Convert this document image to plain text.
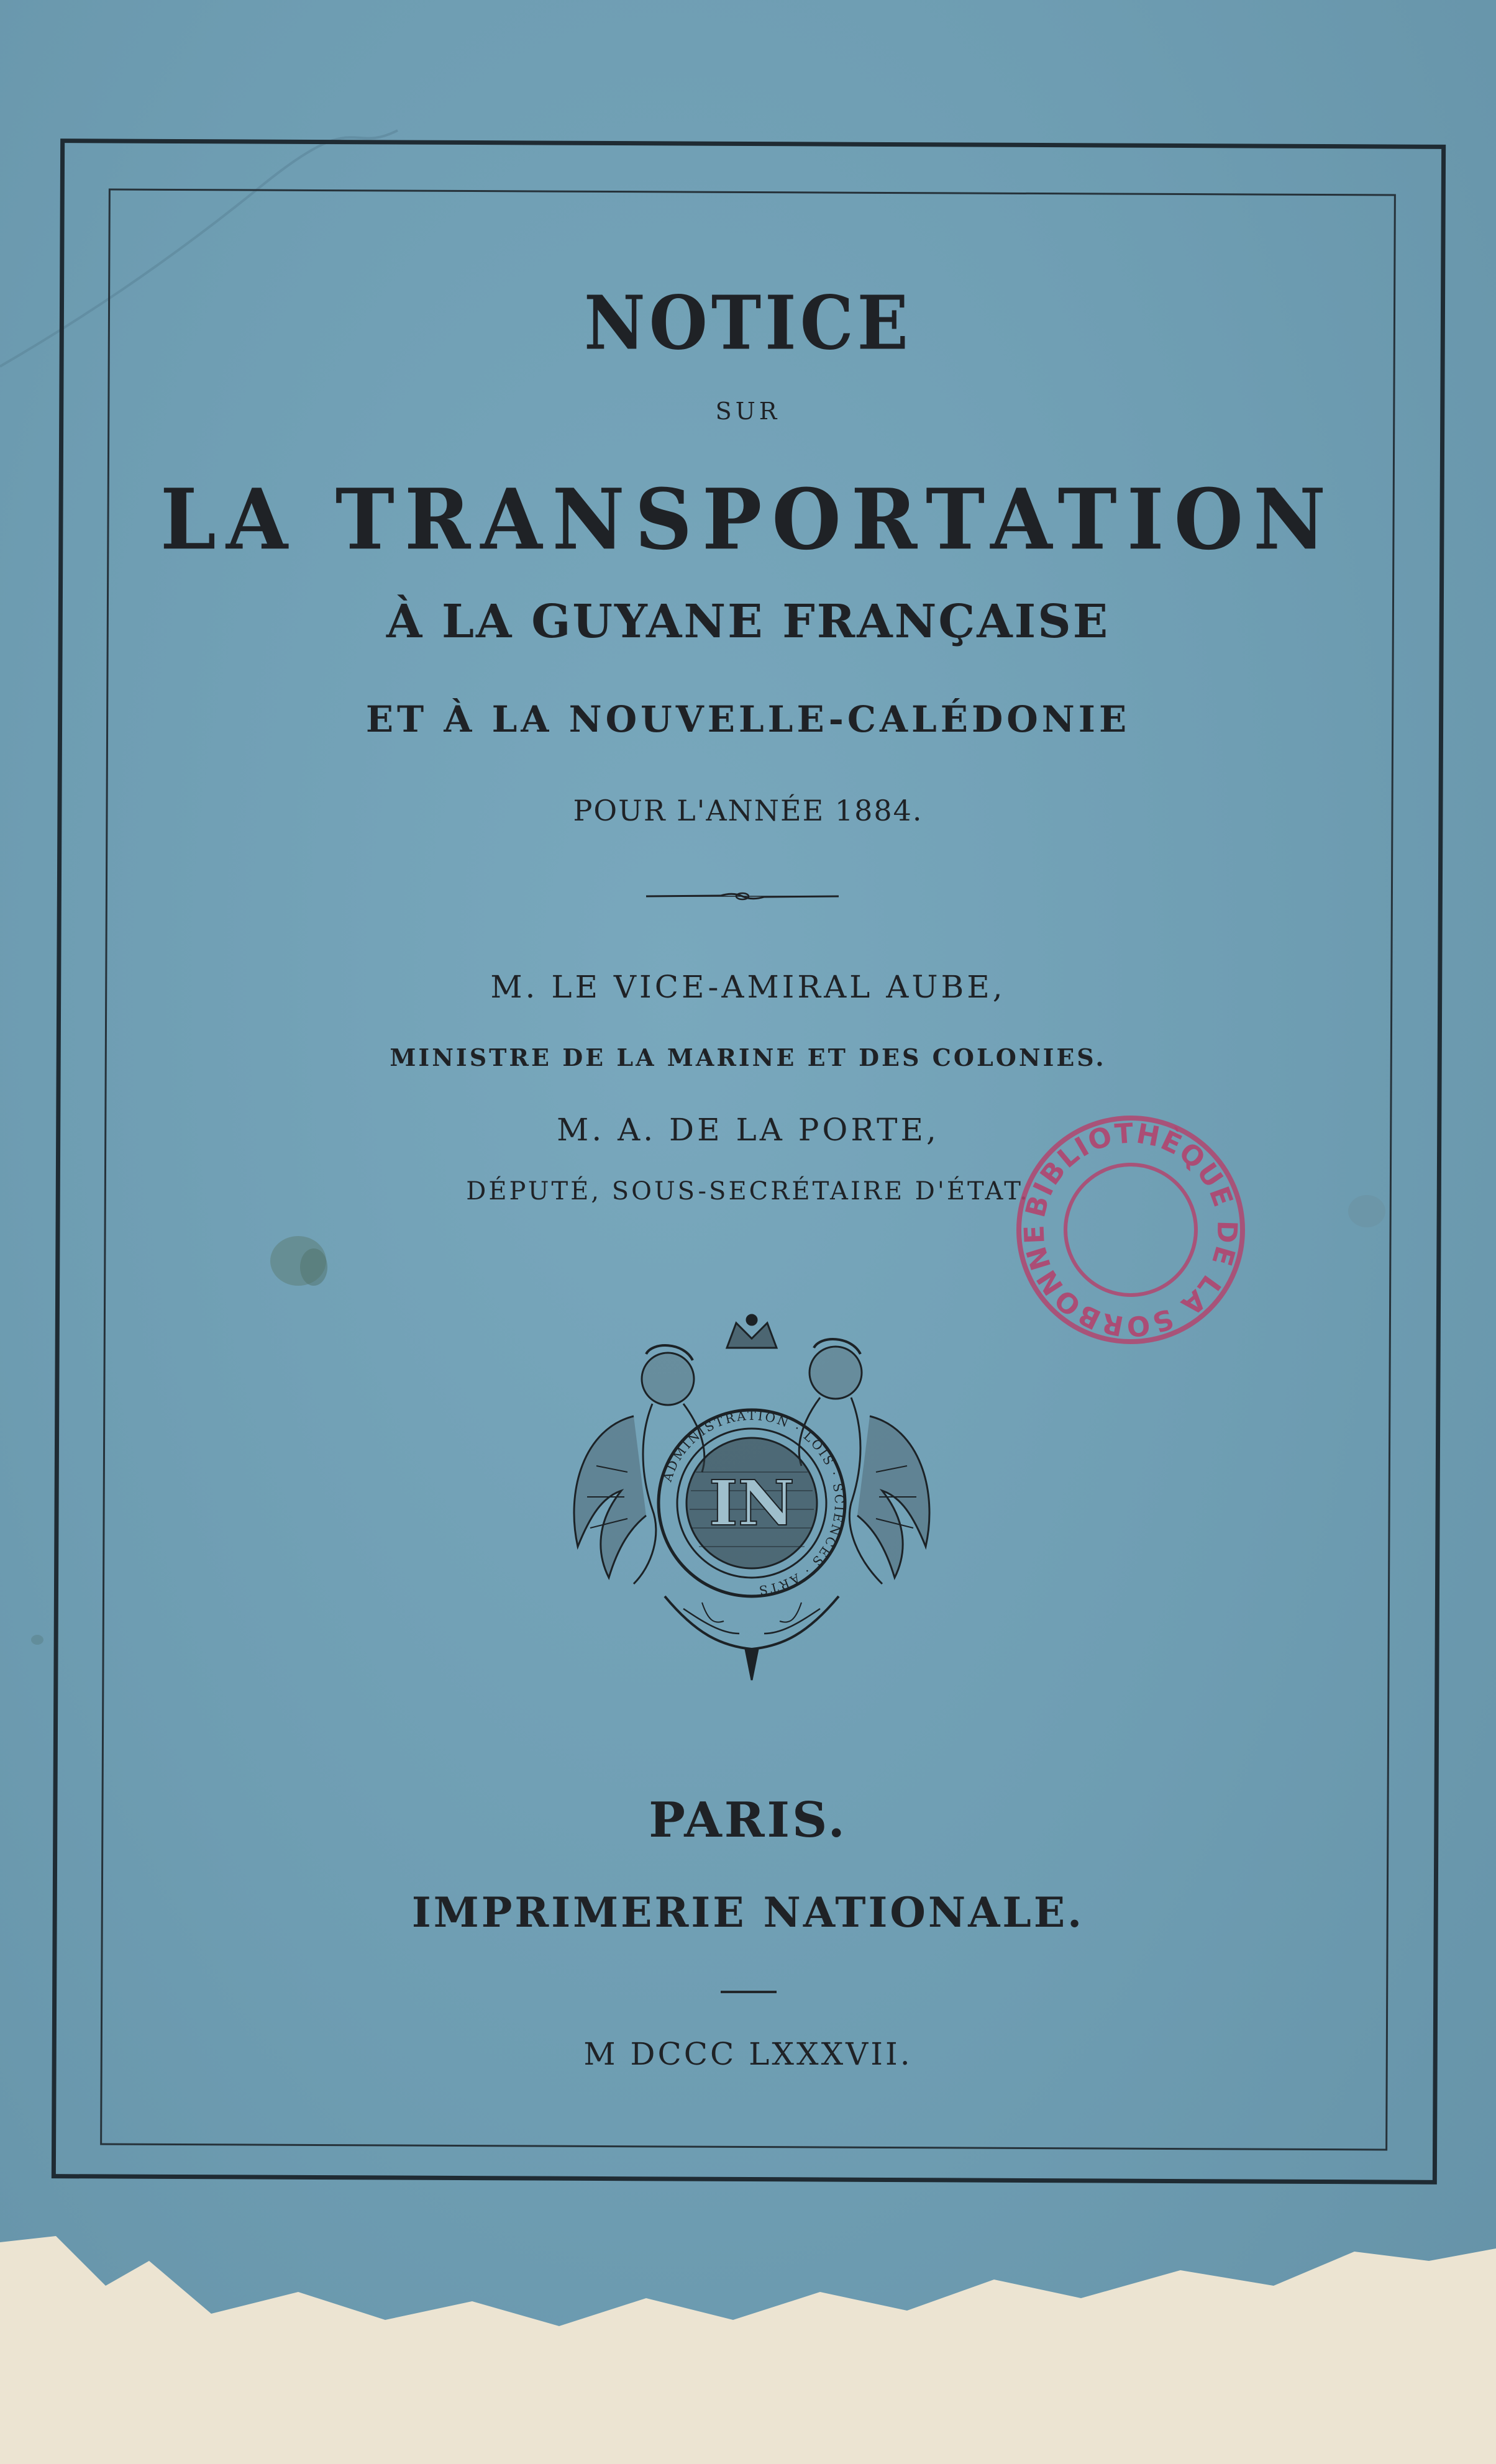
NOTICE
SUR
LA TRANSPORTATION
À LA GUYANE FRANÇAISE
ET À LA NOUVELLE-CALÉDONIE
POUR L'ANNÉE 1884.
M. LE VICE-AMIRAL AUBE,
MINISTRE DE LA MARINE ET DES COLONIES.
M. A. DE LA PORTE,
DÉPUTÉ, SOUS-SECRÉTAIRE D'ÉTAT.
ADMINISTRATION · LOIS · SCIENCES · ARTS
IN
BIBLIOTHÈQUE DE LA SORBONNE
PARIS.
IMPRIMERIE NATIONALE.
M DCCC LXXXVII.
